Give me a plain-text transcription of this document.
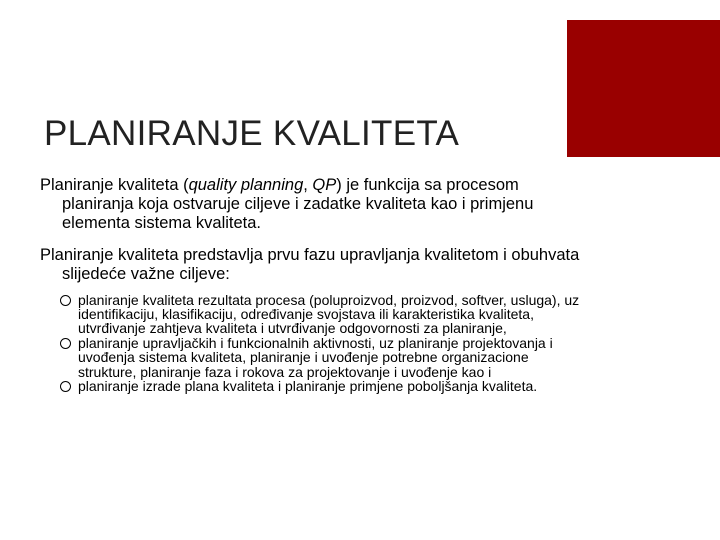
PLANIRANJE KVALITETA

Planiranje kvaliteta (quality planning, QP) je funkcija sa procesom planiranja koja ostvaruje ciljeve i zadatke kvaliteta kao i primjenu elementa sistema kvaliteta.

Planiranje kvaliteta predstavlja prvu fazu upravljanja kvalitetom i obuhvata slijedeće važne ciljeve:

planiranje kvaliteta rezultata procesa (poluproizvod, proizvod, softver, usluga), uz identifikaciju, klasifikaciju, određivanje svojstava ili karakteristika kvaliteta, utvrđivanje zahtjeva kvaliteta i utvrđivanje odgovornosti za planiranje,
planiranje upravljačkih i funkcionalnih aktivnosti, uz planiranje projektovanja i uvođenja sistema kvaliteta, planiranje i uvođenje potrebne organizacione strukture, planiranje faza i rokova za projektovanje i uvođenje kao i
planiranje izrade plana kvaliteta i planiranje primjene poboljšanja kvaliteta.
